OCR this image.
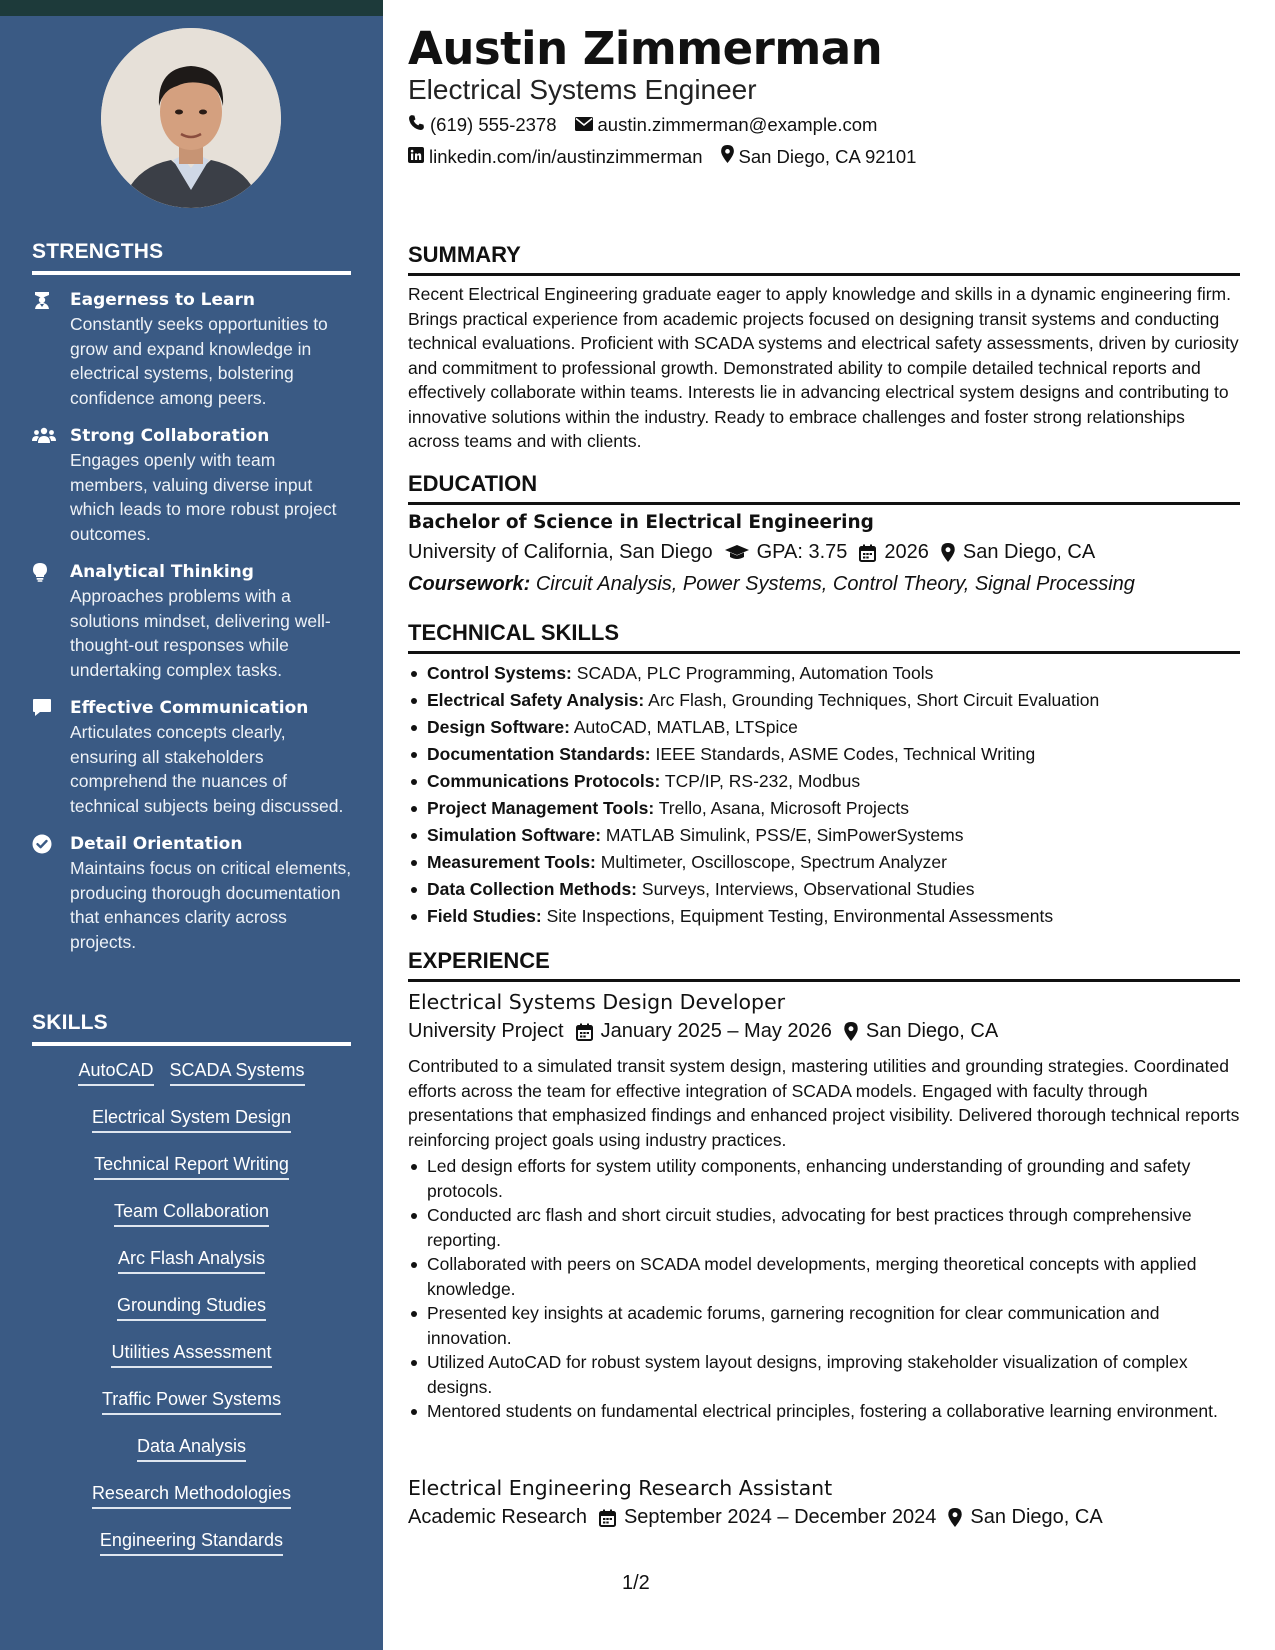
STRENGTHS
Eagerness to Learn
Constantly seeks opportunities to grow and expand knowledge in electrical systems, bolstering confidence among peers.
Strong Collaboration
Engages openly with team members, valuing diverse input which leads to more robust project outcomes.
Analytical Thinking
Approaches problems with a solutions mindset, delivering well-thought-out responses while undertaking complex tasks.
Effective Communication
Articulates concepts clearly, ensuring all stakeholders comprehend the nuances of technical subjects being discussed.
Detail Orientation
Maintains focus on critical elements, producing thorough documentation that enhances clarity across projects.
SKILLS
AutoCAD SCADA Systems
Electrical System Design
Technical Report Writing
Team Collaboration
Arc Flash Analysis
Grounding Studies
Utilities Assessment
Traffic Power Systems
Data Analysis
Research Methodologies
Engineering Standards
Austin Zimmerman
Electrical Systems Engineer
(619) 555-2378 austin.zimmerman@example.com
linkedin.com/in/austinzimmerman San Diego, CA 92101
SUMMARY
Recent Electrical Engineering graduate eager to apply knowledge and skills in a dynamic engineering firm. Brings practical experience from academic projects focused on designing transit systems and conducting technical evaluations. Proficient with SCADA systems and electrical safety assessments, driven by curiosity and commitment to professional growth. Demonstrated ability to compile detailed technical reports and effectively collaborate within teams. Interests lie in advancing electrical system designs and contributing to innovative solutions within the industry. Ready to embrace challenges and foster strong relationships across teams and with clients.
EDUCATION
Bachelor of Science in Electrical Engineering
University of California, San Diego GPA: 3.75 2026 San Diego, CA
Coursework: Circuit Analysis, Power Systems, Control Theory, Signal Processing
TECHNICAL SKILLS
Control Systems: SCADA, PLC Programming, Automation Tools
Electrical Safety Analysis: Arc Flash, Grounding Techniques, Short Circuit Evaluation
Design Software: AutoCAD, MATLAB, LTSpice
Documentation Standards: IEEE Standards, ASME Codes, Technical Writing
Communications Protocols: TCP/IP, RS-232, Modbus
Project Management Tools: Trello, Asana, Microsoft Projects
Simulation Software: MATLAB Simulink, PSS/E, SimPowerSystems
Measurement Tools: Multimeter, Oscilloscope, Spectrum Analyzer
Data Collection Methods: Surveys, Interviews, Observational Studies
Field Studies: Site Inspections, Equipment Testing, Environmental Assessments
EXPERIENCE
Electrical Systems Design Developer
University Project January 2025 – May 2026 San Diego, CA
Contributed to a simulated transit system design, mastering utilities and grounding strategies. Coordinated efforts across the team for effective integration of SCADA models. Engaged with faculty through presentations that emphasized findings and enhanced project visibility. Delivered thorough technical reports reinforcing project goals using industry practices.
Led design efforts for system utility components, enhancing understanding of grounding and safety protocols.
Conducted arc flash and short circuit studies, advocating for best practices through comprehensive reporting.
Collaborated with peers on SCADA model developments, merging theoretical concepts with applied knowledge.
Presented key insights at academic forums, garnering recognition for clear communication and innovation.
Utilized AutoCAD for robust system layout designs, improving stakeholder visualization of complex designs.
Mentored students on fundamental electrical principles, fostering a collaborative learning environment.
Electrical Engineering Research Assistant
Academic Research September 2024 – December 2024 San Diego, CA
1/2
